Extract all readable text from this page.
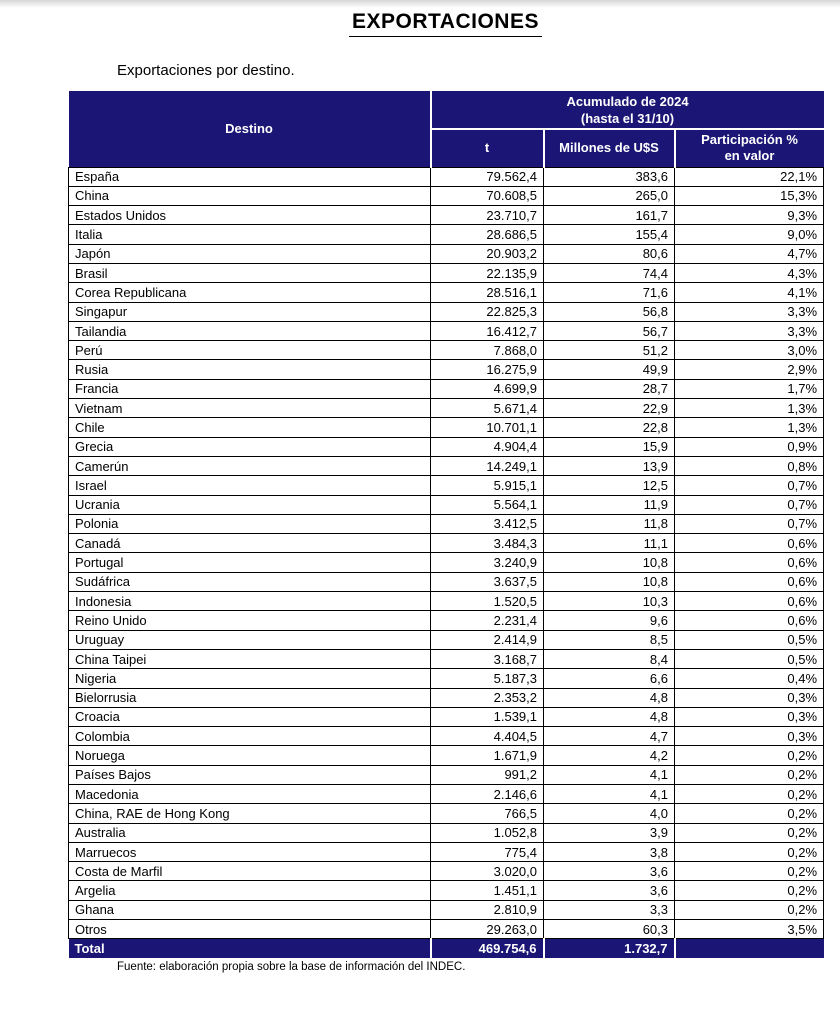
EXPORTACIONES
Exportaciones por destino.
Destino	Acumulado de 2024
(hasta el 31/10)		

	t	Millones de U$S	Participación %
en valor

España	79.562,4	383,6	22,1%
China	70.608,5	265,0	15,3%
Estados Unidos	23.710,7	161,7	9,3%
Italia	28.686,5	155,4	9,0%
Japón	20.903,2	80,6	4,7%
Brasil	22.135,9	74,4	4,3%
Corea Republicana	28.516,1	71,6	4,1%
Singapur	22.825,3	56,8	3,3%
Tailandia	16.412,7	56,7	3,3%
Perú	7.868,0	51,2	3,0%
Rusia	16.275,9	49,9	2,9%
Francia	4.699,9	28,7	1,7%
Vietnam	5.671,4	22,9	1,3%
Chile	10.701,1	22,8	1,3%
Grecia	4.904,4	15,9	0,9%
Camerún	14.249,1	13,9	0,8%
Israel	5.915,1	12,5	0,7%
Ucrania	5.564,1	11,9	0,7%
Polonia	3.412,5	11,8	0,7%
Canadá	3.484,3	11,1	0,6%
Portugal	3.240,9	10,8	0,6%
Sudáfrica	3.637,5	10,8	0,6%
Indonesia	1.520,5	10,3	0,6%
Reino Unido	2.231,4	9,6	0,6%
Uruguay	2.414,9	8,5	0,5%
China Taipei	3.168,7	8,4	0,5%
Nigeria	5.187,3	6,6	0,4%
Bielorrusia	2.353,2	4,8	0,3%
Croacia	1.539,1	4,8	0,3%
Colombia	4.404,5	4,7	0,3%
Noruega	1.671,9	4,2	0,2%
Países Bajos	991,2	4,1	0,2%
Macedonia	2.146,6	4,1	0,2%
China, RAE de Hong Kong	766,5	4,0	0,2%
Australia	1.052,8	3,9	0,2%
Marruecos	775,4	3,8	0,2%
Costa de Marfil	3.020,0	3,6	0,2%
Argelia	1.451,1	3,6	0,2%
Ghana	2.810,9	3,3	0,2%
Otros	29.263,0	60,3	3,5%
Total	469.754,6	1.732,7	
Fuente: elaboración propia sobre la base de información del INDEC.
